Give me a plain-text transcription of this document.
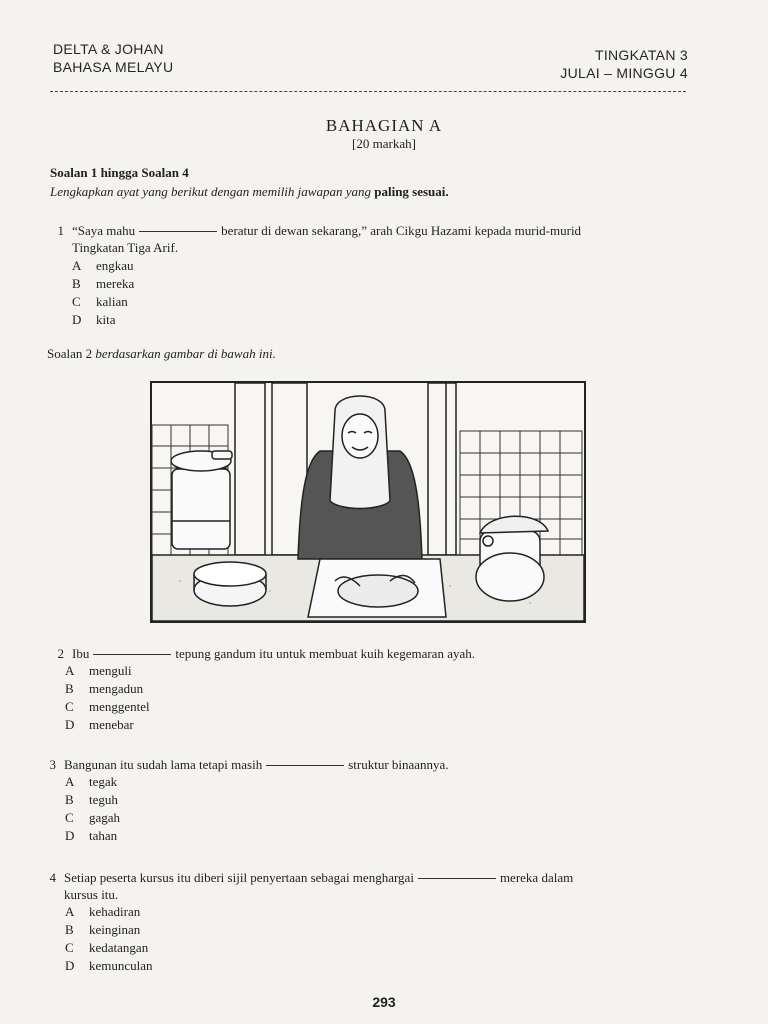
DELTA & JOHAN
BAHASA MELAYU
TINGKATAN 3
JULAI – MINGGU 4
BAHAGIAN A
[20 markah]
Soalan 1 hingga Soalan 4
Lengkapkan ayat yang berikut dengan memilih jawapan yang paling sesuai.
1 “Saya mahu	beratur di dewan sekarang,” arah Cikgu Hazami kepada murid-murid
Tingkatan Tiga Arif.
A	engkau
B	mereka
C	kalian
D	kita
Soalan 2 berdasarkan gambar di bawah ini.
2 Ibu	tepung gandum itu untuk membuat kuih kegemaran ayah.
A	menguli
B	mengadun
C	menggentel
D	menebar
3 Bangunan itu sudah lama tetapi masih	struktur binaannya.
A	tegak
B	teguh
C	gagah
D	tahan
4 Setiap peserta kursus itu diberi sijil penyertaan sebagai menghargai	mereka dalam
kursus itu.
A	kehadiran
B	keinginan
C	kedatangan
D	kemunculan
293
